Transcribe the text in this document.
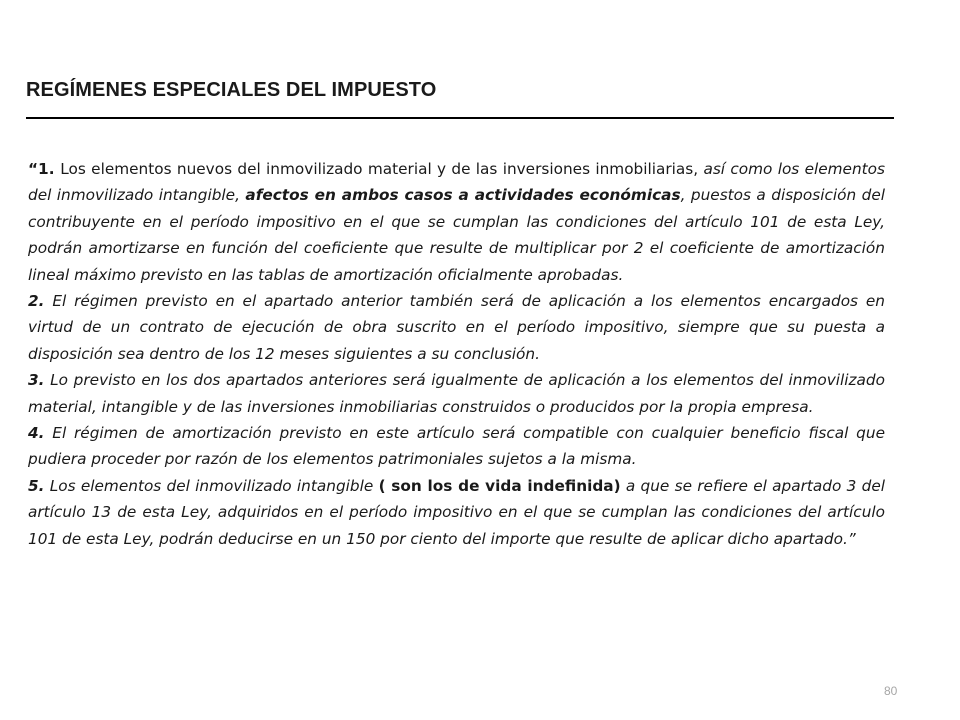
REGÍMENES ESPECIALES DEL IMPUESTO

“1. Los elementos nuevos del inmovilizado material y de las inversiones inmobiliarias, así como los elementos del inmovilizado intangible, afectos en ambos casos a actividades económicas, puestos a disposición del contribuyente en el período impositivo en el que se cumplan las condiciones del artículo 101 de esta Ley, podrán amortizarse en función del coeficiente que resulte de multiplicar por 2 el coeficiente de amortización lineal máximo previsto en las tablas de amortización oficialmente aprobadas.

2. El régimen previsto en el apartado anterior también será de aplicación a los elementos encargados en virtud de un contrato de ejecución de obra suscrito en el período impositivo, siempre que su puesta a disposición sea dentro de los 12 meses siguientes a su conclusión.

3. Lo previsto en los dos apartados anteriores será igualmente de aplicación a los elementos del inmovilizado material, intangible y de las inversiones inmobiliarias construidos o producidos por la propia empresa.

4. El régimen de amortización previsto en este artículo será compatible con cualquier beneficio fiscal que pudiera proceder por razón de los elementos patrimoniales sujetos a la misma.

5. Los elementos del inmovilizado intangible ( son los de vida indefinida) a que se refiere el apartado 3 del artículo 13 de esta Ley, adquiridos en el período impositivo en el que se cumplan las condiciones del artículo 101 de esta Ley, podrán deducirse en un 150 por ciento del importe que resulte de aplicar dicho apartado.”

80
